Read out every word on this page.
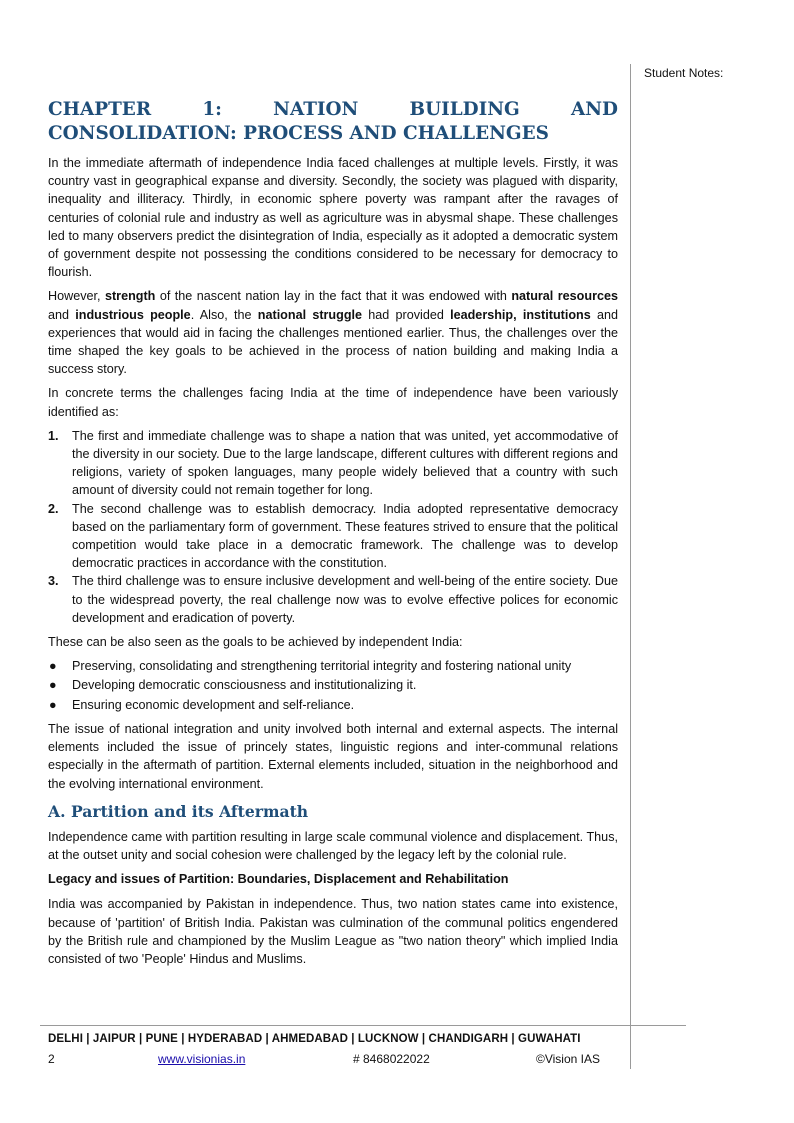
Student Notes:
CHAPTER 1: NATION BUILDING AND CONSOLIDATION: PROCESS AND CHALLENGES

In the immediate aftermath of independence India faced challenges at multiple levels. Firstly, it was country vast in geographical expanse and diversity. Secondly, the society was plagued with disparity, inequality and illiteracy. Thirdly, in economic sphere poverty was rampant after the ravages of centuries of colonial rule and industry as well as agriculture was in abysmal shape. These challenges led to many observers predict the disintegration of India, especially as it adopted a democratic system of government despite not possessing the conditions considered to be necessary for democracy to flourish.

However, strength of the nascent nation lay in the fact that it was endowed with natural resources and industrious people. Also, the national struggle had provided leadership, institutions and experiences that would aid in facing the challenges mentioned earlier. Thus, the challenges over the time shaped the key goals to be achieved in the process of nation building and making India a success story.

In concrete terms the challenges facing India at the time of independence have been variously identified as:

1. The first and immediate challenge was to shape a nation that was united, yet accommodative of the diversity in our society. Due to the large landscape, different cultures with different regions and religions, variety of spoken languages, many people widely believed that a country with such amount of diversity could not remain together for long.
2. The second challenge was to establish democracy. India adopted representative democracy based on the parliamentary form of government. These features strived to ensure that the political competition would take place in a democratic framework. The challenge was to develop democratic practices in accordance with the constitution.
3. The third challenge was to ensure inclusive development and well-being of the entire society. Due to the widespread poverty, the real challenge now was to evolve effective polices for economic development and eradication of poverty.

These can be also seen as the goals to be achieved by independent India:

● Preserving, consolidating and strengthening territorial integrity and fostering national unity
● Developing democratic consciousness and institutionalizing it.
● Ensuring economic development and self-reliance.

The issue of national integration and unity involved both internal and external aspects. The internal elements included the issue of princely states, linguistic regions and inter-communal relations especially in the aftermath of partition. External elements included, situation in the neighborhood and the evolving international environment.

A. Partition and its Aftermath

Independence came with partition resulting in large scale communal violence and displacement. Thus, at the outset unity and social cohesion were challenged by the legacy left by the colonial rule.

Legacy and issues of Partition: Boundaries, Displacement and Rehabilitation

India was accompanied by Pakistan in independence. Thus, two nation states came into existence, because of 'partition' of British India. Pakistan was culmination of the communal politics engendered by the British rule and championed by the Muslim League as "two nation theory" which implied India consisted of two 'People' Hindus and Muslims.

DELHI | JAIPUR | PUNE | HYDERABAD | AHMEDABAD | LUCKNOW | CHANDIGARH | GUWAHATI
2	www.visionias.in	# 8468022022	©Vision IAS
